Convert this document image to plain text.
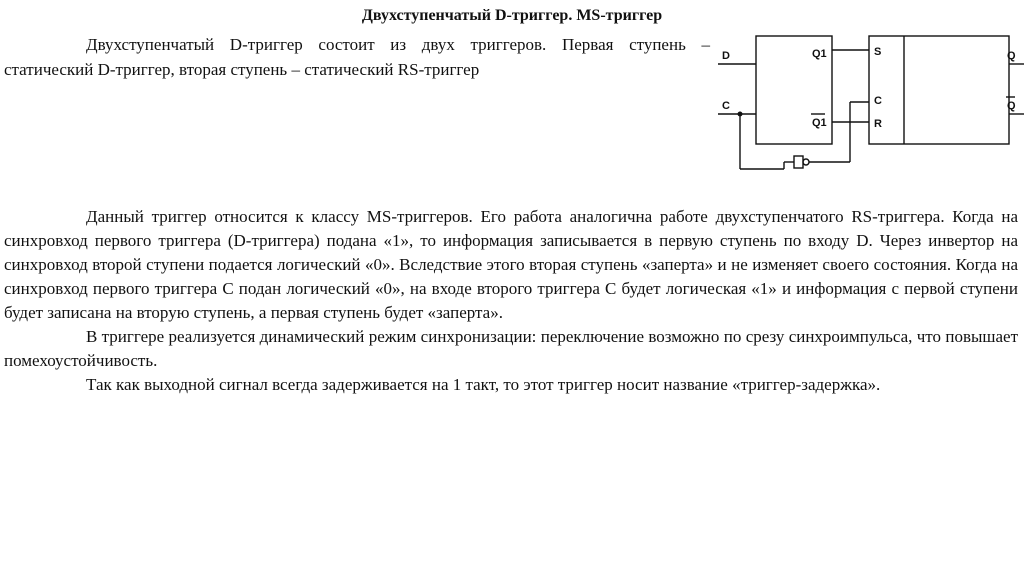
Двухступенчатый D-триггер. MS-триггер
Двухступенчатый D-триггер состоит из двух триггеров. Первая ступень – статический D-триггер, вторая ступень – статический RS-триггер
D
C
Q1	S
Q1	R
C
Q
Q

Данный триггер относится к классу MS-триггеров. Его работа аналогична работе двухступенчатого RS-триггера. Когда на синхровход первого триггера (D-триггера) подана «1», то информация записывается в первую ступень по входу D. Через инвертор на синхровход второй ступени подается логический «0». Вследствие этого вторая ступень «заперта» и не изменяет своего состояния. Когда на синхровход первого триггера C подан логический «0», на входе второго триггера C будет логическая «1» и информация с первой ступени будет записана на вторую ступень, а первая ступень будет «заперта».

В триггере реализуется динамический режим синхронизации: переключение возможно по срезу синхроимпульса, что повышает помехоустойчивость.

Так как выходной сигнал всегда задерживается на 1 такт, то этот триггер носит название «триггер-задержка».
